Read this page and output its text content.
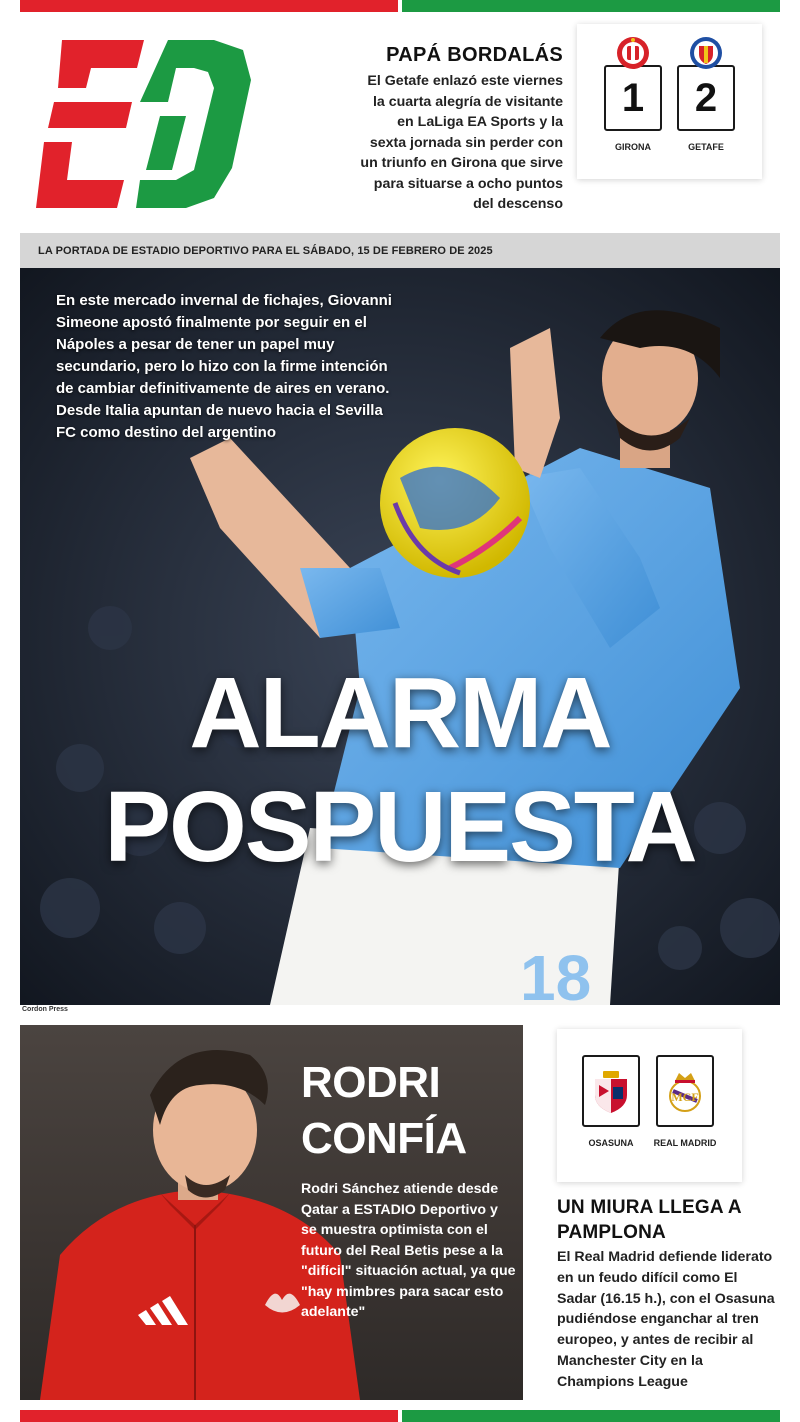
ED
PAPÁ BORDALÁS

El Getafe enlazó este viernes la cuarta alegría de visitante en LaLiga EA Sports y la sexta jornada sin perder con un triunfo en Girona que sirve para situarse a ocho puntos del descenso

1
GIRONA
2
GETAFE
LA PORTADA DE ESTADIO DEPORTIVO PARA EL SÁBADO, 15 DE FEBRERO DE 2025
18
En este mercado invernal de fichajes, Giovanni Simeone apostó finalmente por seguir en el Nápoles a pesar de tener un papel muy secundario, pero lo hizo con la firme intención de cambiar definitivamente de aires en verano. Desde Italia apuntan de nuevo hacia el Sevilla FC como destino del argentino
ALARMA
POSPUESTA
Cordon Press
RODRI
CONFÍA
Rodri Sánchez atiende desde Qatar a ESTADIO Deportivo y se muestra optimista con el futuro del Real Betis pese a la "difícil" situación actual, ya que "hay mimbres para sacar esto adelante"
MCF
OSASUNA	REAL MADRID
UN MIURA LLEGA A PAMPLONA

El Real Madrid defiende liderato en un feudo difícil como El Sadar (16.15 h.), con el Osasuna pudiéndose enganchar al tren europeo, y antes de recibir al Manchester City en la Champions League
